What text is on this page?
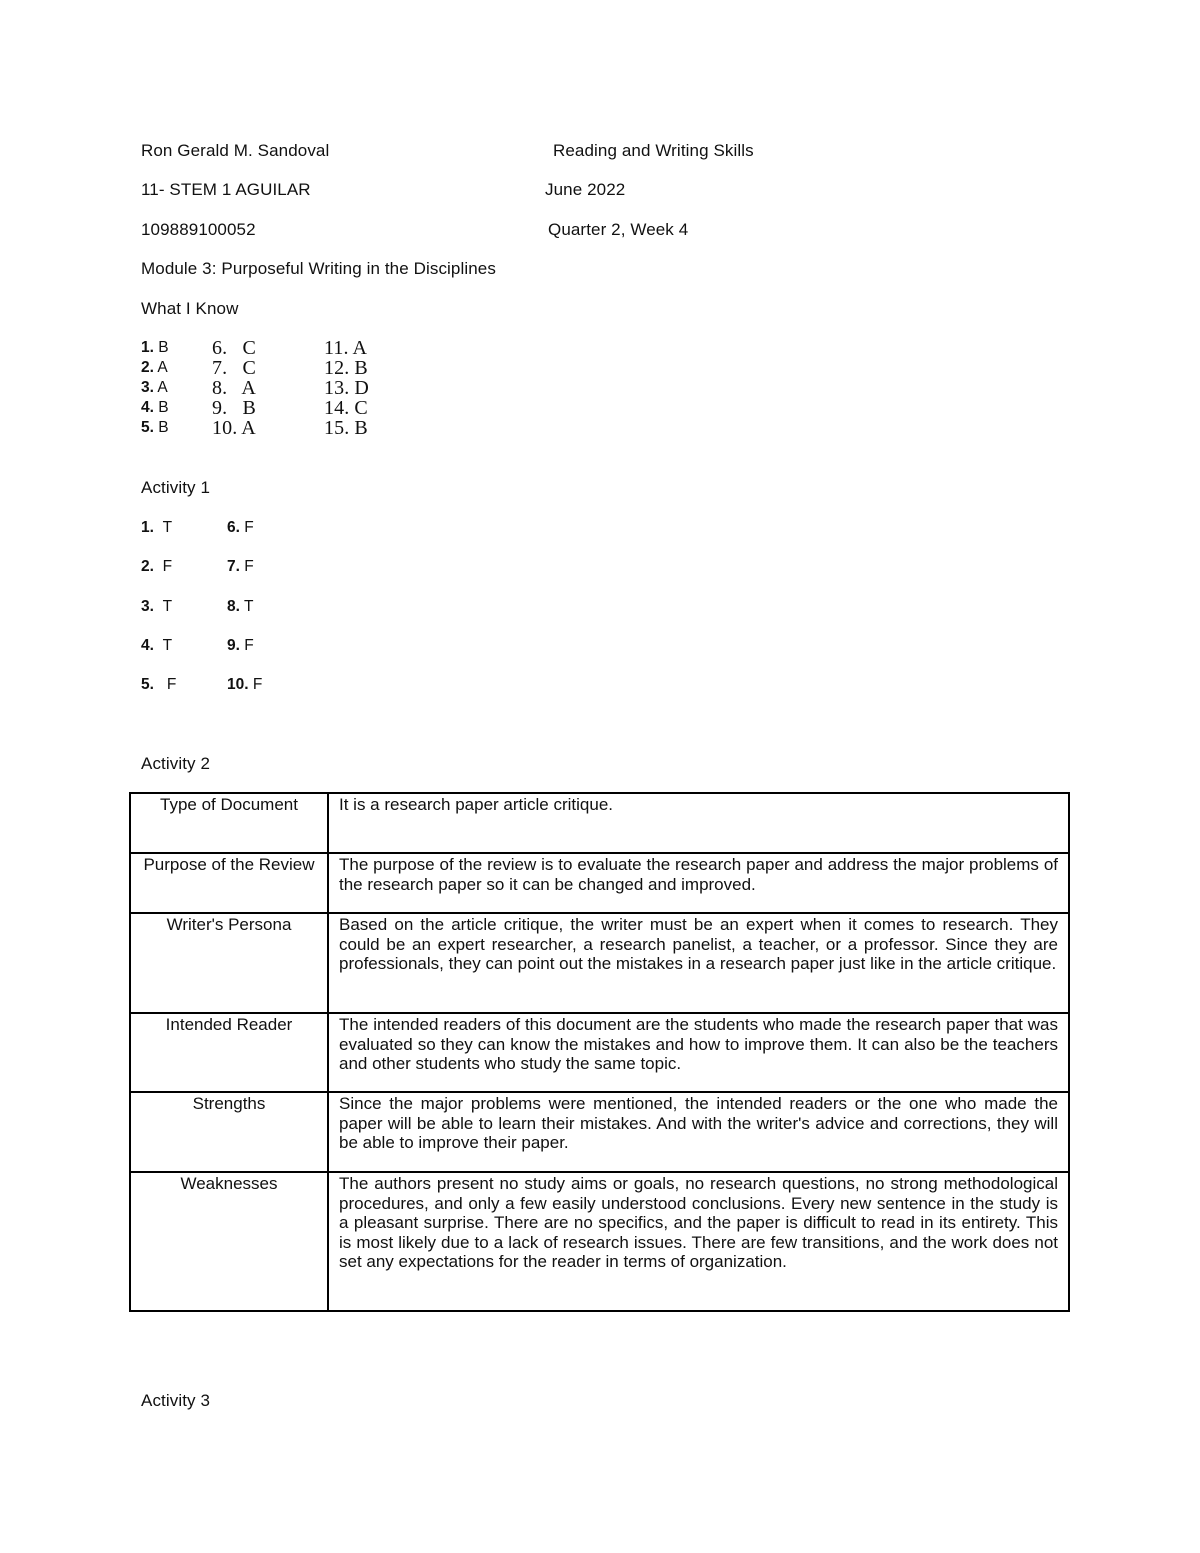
Ron Gerald M. Sandoval	Reading and Writing Skills
11- STEM 1 AGUILAR	June 2022
109889100052	Quarter 2, Week 4
Module 3: Purposeful Writing in the Disciplines
What I Know
1. B
2. A
3. A
4. B
5. B
6.   C
7.   C
8.   A
9.   B
10. A
11. A
12. B
13. D
14. C
15. B
Activity 1
1. T
2. F
3. T
4. T
5. F
6. F
7. F
8. T
9. F
10. F
Activity 2
Type of Document	It is a research paper article critique.
Purpose of the Review	The purpose of the review is to evaluate the research paper and address the major problems of the research paper so it can be changed and improved.
Writer's Persona	Based on the article critique, the writer must be an expert when it comes to research. They could be an expert researcher, a research panelist, a teacher, or a professor. Since they are professionals, they can point out the mistakes in a research paper just like in the article critique.
Intended Reader	The intended readers of this document are the students who made the research paper that was evaluated so they can know the mistakes and how to improve them. It can also be the teachers and other students who study the same topic.
Strengths	Since the major problems were mentioned, the intended readers or the one who made the paper will be able to learn their mistakes. And with the writer's advice and corrections, they will be able to improve their paper.
Weaknesses	The authors present no study aims or goals, no research questions, no strong methodological procedures, and only a few easily understood conclusions. Every new sentence in the study is a pleasant surprise. There are no specifics, and the paper is difficult to read in its entirety. This is most likely due to a lack of research issues. There are few transitions, and the work does not set any expectations for the reader in terms of organization.
Activity 3
